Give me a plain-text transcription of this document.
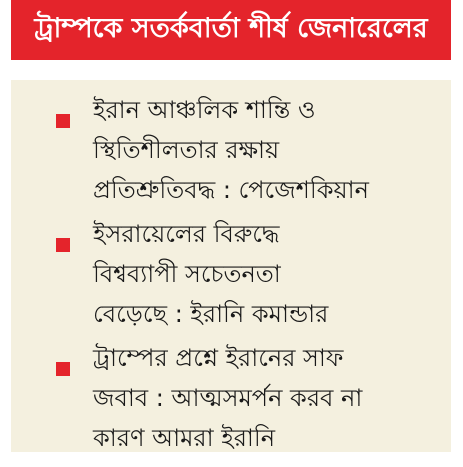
ট্রাম্পকে সতর্কবার্তা শীর্ষ জেনারেলের
ইরান আঞ্চলিক শান্তি ও
স্থিতিশীলতার রক্ষায়
প্রতিশ্রুতিবদ্ধ : পেজেশকিয়ান
ইসরায়েলের বিরুদ্ধে
বিশ্বব্যাপী সচেতনতা
বেড়েছে : ইরানি কমান্ডার
ট্রাম্পের প্রশ্নে ইরানের সাফ
জবাব : আত্মসমর্পন করব না
কারণ আমরা ইরানি
